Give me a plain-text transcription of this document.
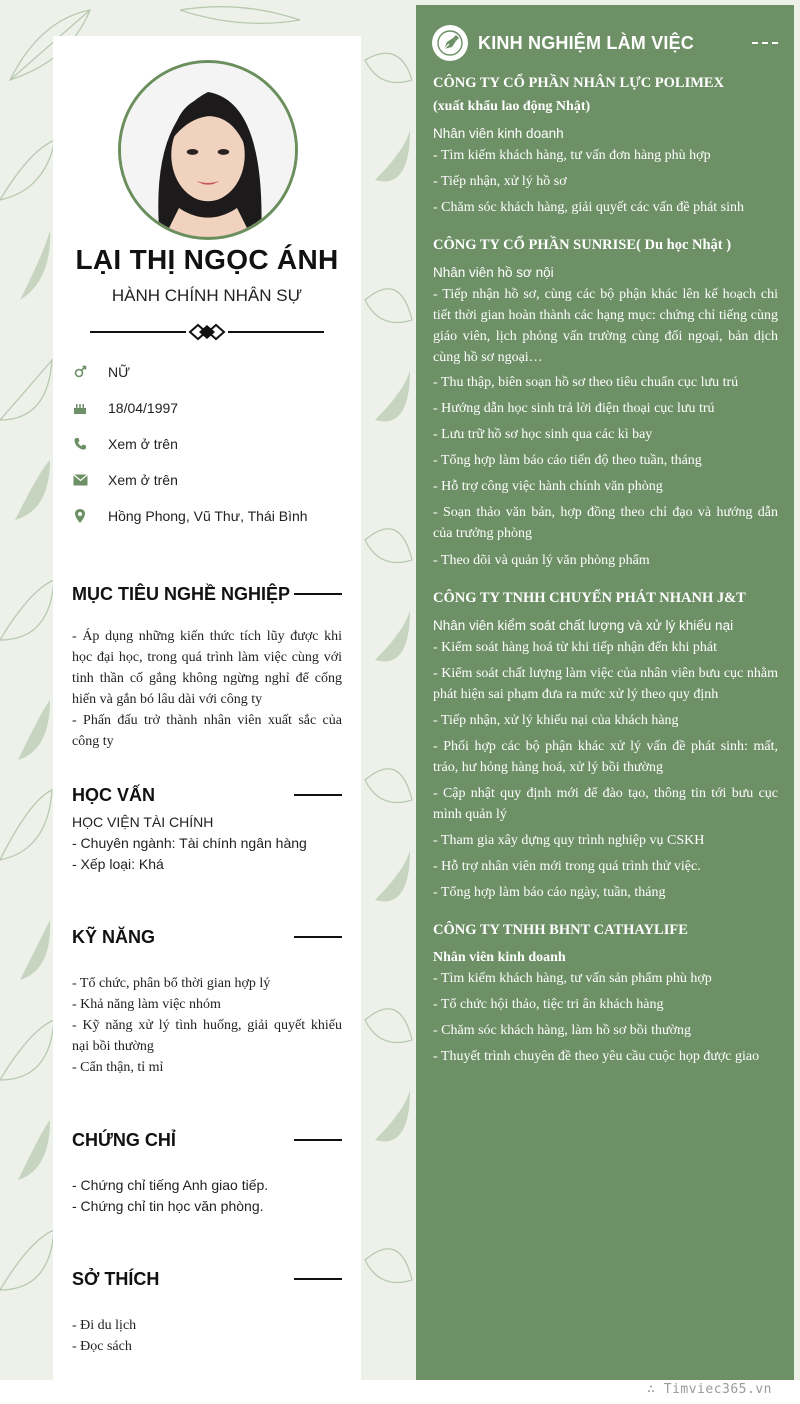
LẠI THỊ NGỌC ÁNH
HÀNH CHÍNH NHÂN SỰ
NỮ
18/04/1997
Xem ở trên
Xem ở trên
Hồng Phong, Vũ Thư, Thái Bình
MỤC TIÊU NGHỀ NGHIỆP

- Áp dụng những kiến thức tích lũy được khi học đại học, trong quá trình làm việc cùng với tinh thần cố gắng không ngừng nghỉ để cống hiến và gắn bó lâu dài với công ty

- Phấn đấu trở thành nhân viên xuất sắc của công ty

HỌC VẤN

HỌC VIỆN TÀI CHÍNH

- Chuyên ngành: Tài chính ngân hàng

- Xếp loại: Khá

KỸ NĂNG

- Tổ chức, phân bổ thời gian hợp lý

- Khả năng làm việc nhóm

- Kỹ năng xử lý tình huống, giải quyết khiếu nại bồi thường

- Cẩn thận, tỉ mỉ

CHỨNG CHỈ

- Chứng chỉ tiếng Anh giao tiếp.

- Chứng chỉ tin học văn phòng.

SỞ THÍCH

- Đi du lịch

- Đọc sách

KINH NGHIỆM LÀM VIỆC
CÔNG TY CỔ PHẦN NHÂN LỰC POLIMEX
(xuất khẩu lao động Nhật)
Nhân viên kinh doanh
- Tìm kiếm khách hàng, tư vấn đơn hàng phù hợp
- Tiếp nhận, xử lý hồ sơ
- Chăm sóc khách hàng, giải quyết các vấn đề phát sinh
CÔNG TY CỔ PHẦN SUNRISE( Du học Nhật )
Nhân viên hồ sơ nội
- Tiếp nhận hồ sơ, cùng các bộ phận khác lên kế hoạch chi tiết thời gian hoàn thành các hạng mục: chứng chỉ tiếng cùng giáo viên, lịch phỏng vấn trường cùng đối ngoại, bản dịch cùng hồ sơ ngoại…
- Thu thập, biên soạn hồ sơ theo tiêu chuẩn cục lưu trú
- Hướng dẫn học sinh trả lời điện thoại cục lưu trú
- Lưu trữ hồ sơ học sinh qua các kì bay
- Tổng hợp làm báo cáo tiến độ theo tuần, tháng
- Hỗ trợ công việc hành chính văn phòng
- Soạn thảo văn bản, hợp đồng theo chỉ đạo và hướng dẫn của trưởng phòng
- Theo dõi và quản lý văn phòng phẩm
CÔNG TY TNHH CHUYỂN PHÁT NHANH J&T
Nhân viên kiểm soát chất lượng và xử lý khiếu nại
- Kiểm soát hàng hoá từ khi tiếp nhận đến khi phát
- Kiểm soát chất lượng làm việc của nhân viên bưu cục nhằm phát hiện sai phạm đưa ra mức xử lý theo quy định
- Tiếp nhận, xử lý khiếu nại của khách hàng
- Phối hợp các bộ phận khác xử lý vấn đề phát sinh: mất, tráo, hư hỏng hàng hoá, xử lý bồi thường
- Cập nhật quy định mới để đào tạo, thông tin tới bưu cục mình quản lý
- Tham gia xây dựng quy trình nghiệp vụ CSKH
- Hỗ trợ nhân viên mới trong quá trình thử việc.
- Tổng hợp làm báo cáo ngày, tuần, tháng
CÔNG TY TNHH BHNT CATHAYLIFE
Nhân viên kinh doanh
- Tìm kiếm khách hàng, tư vấn sản phẩm phù hợp
- Tổ chức hội thảo, tiệc tri ân khách hàng
- Chăm sóc khách hàng, làm hồ sơ bồi thường
- Thuyết trình chuyên đề theo yêu cầu cuộc họp được giao
∴ Timviec365.vn
